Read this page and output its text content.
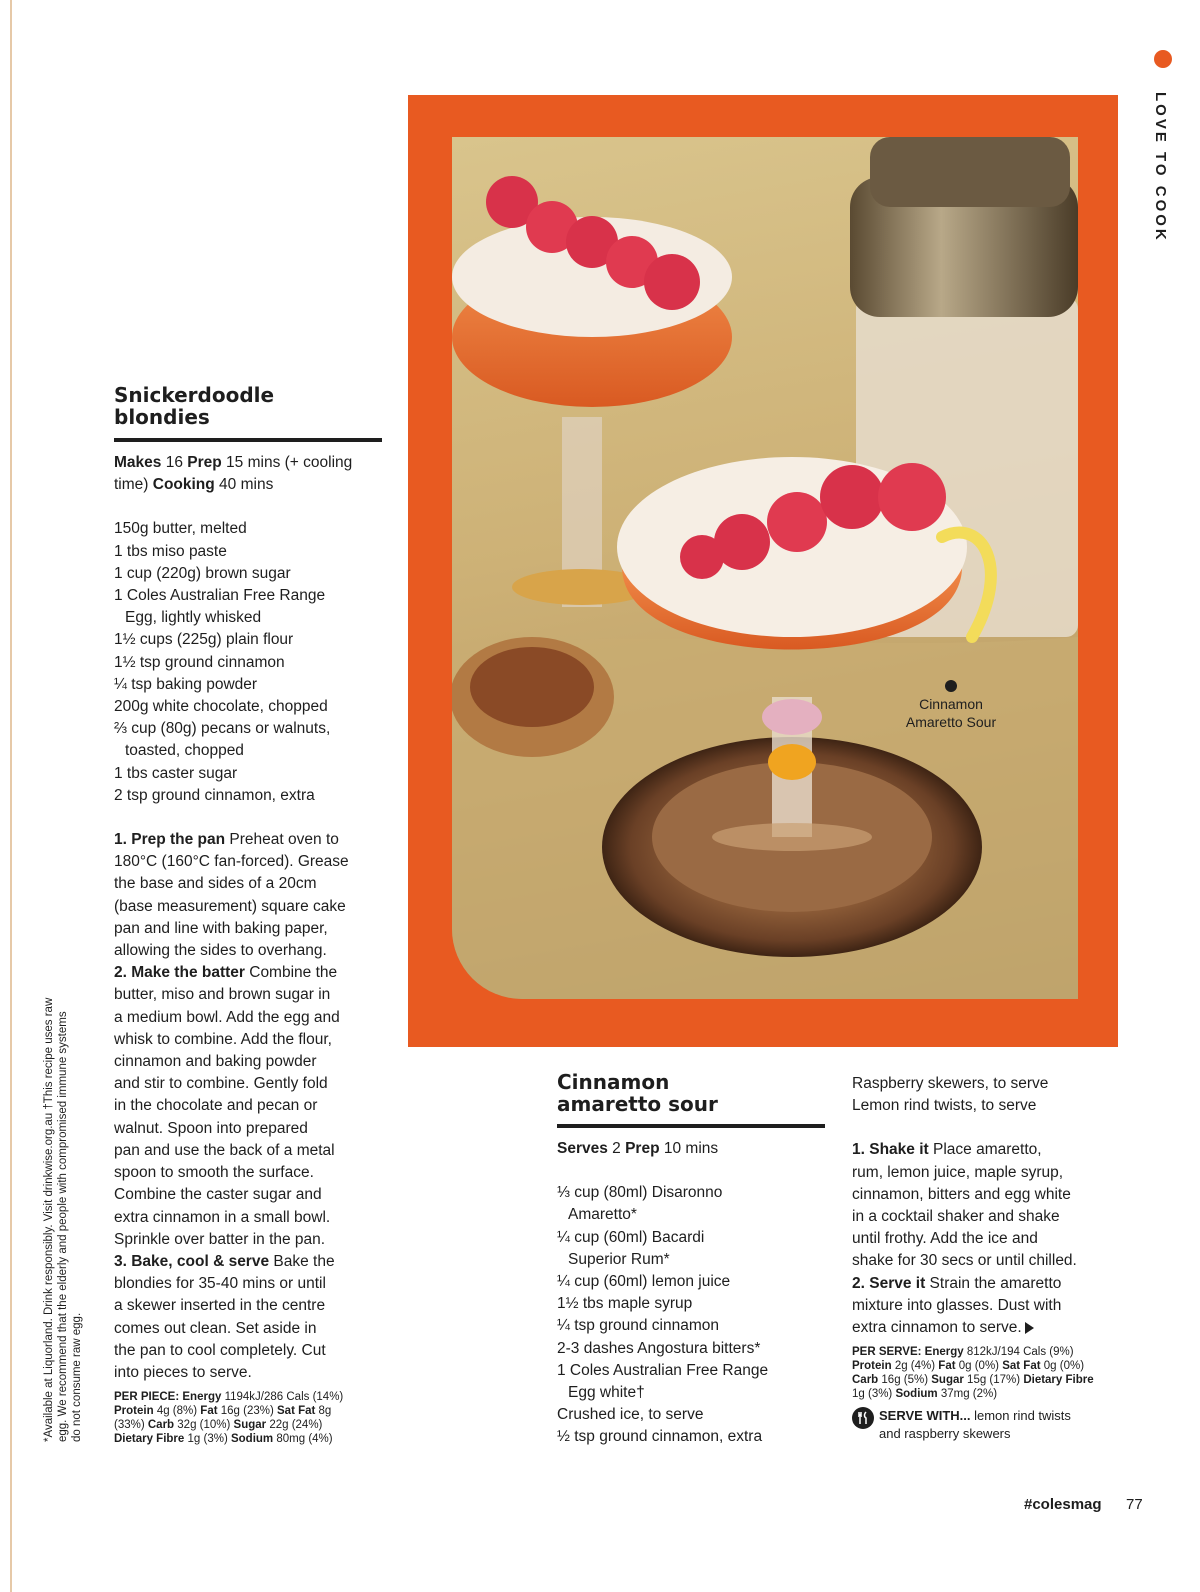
LOVE TO COOK
Cinnamon
Amaretto Sour
Snickerdoodle
blondies
Makes 16 Prep 15 mins (+ cooling
time) Cooking 40 mins
150g butter, melted
1 tbs miso paste
1 cup (220g) brown sugar
1 Coles Australian Free Range
Egg, lightly whisked
1½ cups (225g) plain flour
1½ tsp ground cinnamon
¼ tsp baking powder
200g white chocolate, chopped
⅔ cup (80g) pecans or walnuts,
toasted, chopped
1 tbs caster sugar
2 tsp ground cinnamon, extra
1. Prep the pan Preheat oven to
180°C (160°C fan-forced). Grease
the base and sides of a 20cm
(base measurement) square cake
pan and line with baking paper,
allowing the sides to overhang.
2. Make the batter Combine the
butter, miso and brown sugar in
a medium bowl. Add the egg and
whisk to combine. Add the flour,
cinnamon and baking powder
and stir to combine. Gently fold
in the chocolate and pecan or
walnut. Spoon into prepared
pan and use the back of a metal
spoon to smooth the surface.
Combine the caster sugar and
extra cinnamon in a small bowl.
Sprinkle over batter in the pan.
3. Bake, cool & serve Bake the
blondies for 35-40 mins or until
a skewer inserted in the centre
comes out clean. Set aside in
the pan to cool completely. Cut
into pieces to serve.
PER PIECE: Energy 1194kJ/286 Cals (14%)
Protein 4g (8%) Fat 16g (23%) Sat Fat 8g
(33%) Carb 32g (10%) Sugar 22g (24%)
Dietary Fibre 1g (3%) Sodium 80mg (4%)
*Available at Liquorland. Drink responsibly. Visit drinkwise.org.au †This recipe uses raw egg. We recommend that the elderly and people with compromised immune systems do not consume raw egg.
Cinnamon
amaretto sour
Serves 2 Prep 10 mins
⅓ cup (80ml) Disaronno
Amaretto*
¼ cup (60ml) Bacardi
Superior Rum*
¼ cup (60ml) lemon juice
1½ tbs maple syrup
¼ tsp ground cinnamon
2-3 dashes Angostura bitters*
1 Coles Australian Free Range
Egg white†
Crushed ice, to serve
½ tsp ground cinnamon, extra
Raspberry skewers, to serve
Lemon rind twists, to serve
1. Shake it Place amaretto,
rum, lemon juice, maple syrup,
cinnamon, bitters and egg white
in a cocktail shaker and shake
until frothy. Add the ice and
shake for 30 secs or until chilled.
2. Serve it Strain the amaretto
mixture into glasses. Dust with
extra cinnamon to serve.
PER SERVE: Energy 812kJ/194 Cals (9%)
Protein 2g (4%) Fat 0g (0%) Sat Fat 0g (0%)
Carb 16g (5%) Sugar 15g (17%) Dietary Fibre
1g (3%) Sodium 37mg (2%)
SERVE WITH... lemon rind twists
and raspberry skewers
#colesmag 77
